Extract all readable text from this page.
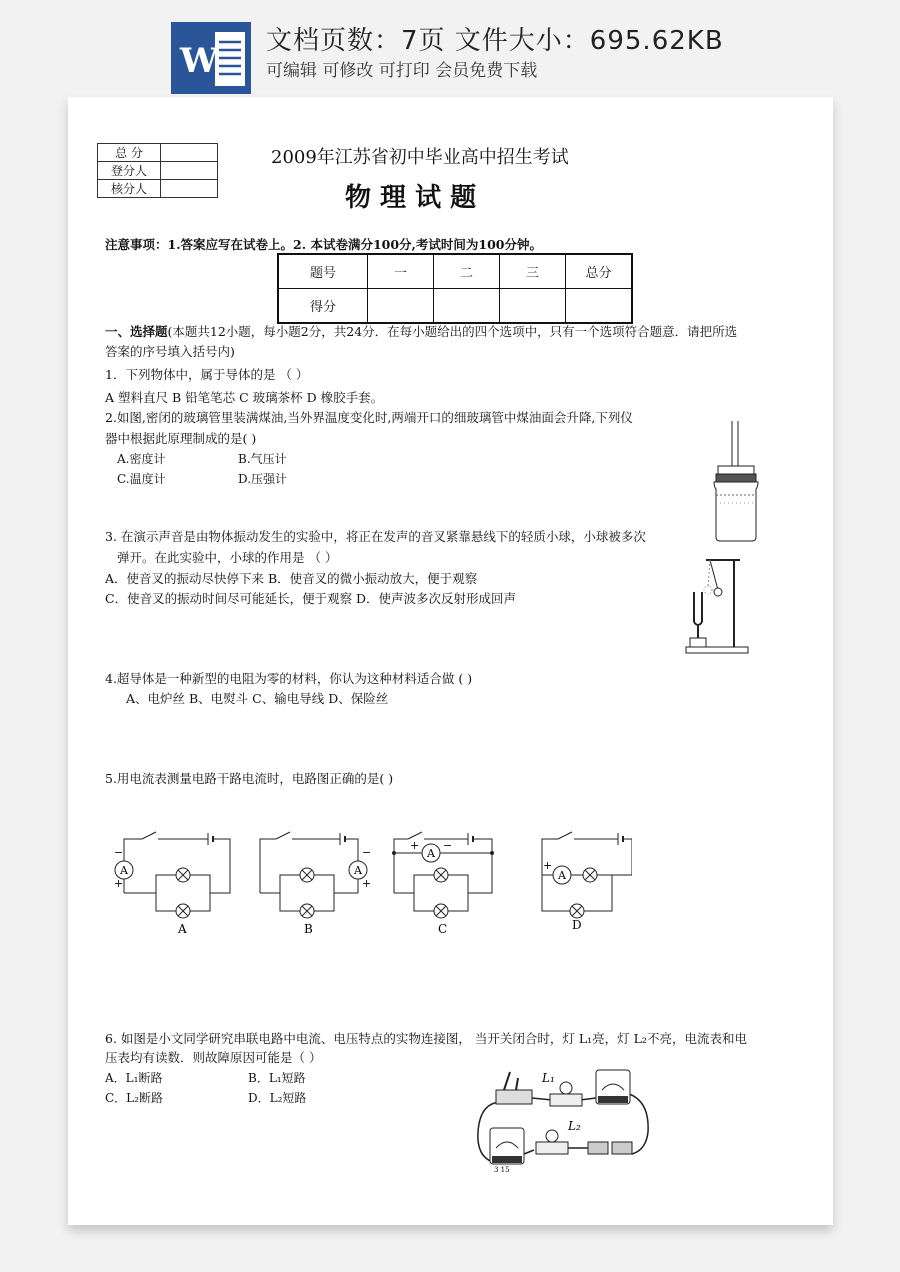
W 文档页数：7页 文件大小：695.62KB
可编辑 可修改 可打印 会员免费下载
总 分	
登分人	
核分人	
2009年江苏省初中毕业高中招生考试
物 理 试 题
注意事项：1.答案应写在试卷上。2. 本试卷满分100分,考试时间为100分钟。
题号	一	二	三	总分
得分				
一、选择题(本题共12小题，每小题2分，共24分．在每小题给出的四个选项中，只有一个选项符合题意．请把所选
答案的序号填入括号内)
1．下列物体中，属于导体的是 （ ）
A 塑料直尺 B 铅笔笔芯 C 玻璃茶杯 D 橡胶手套。
2.如图,密闭的玻璃管里装满煤油,当外界温度变化时,两端开口的细玻璃管中煤油面会升降,下列仪
器中根据此原理制成的是( )
A.密度计	B.气压计
C.温度计	D.压强计
3. 在演示声音是由物体振动发生的实验中，将正在发声的音叉紧靠悬线下的轻质小球，小球被多次
弹开。在此实验中，小球的作用是 （ ）
A．使音叉的振动尽快停下来 B．使音叉的微小振动放大，便于观察
C．使音叉的振动时间尽可能延长，便于观察 D．使声波多次反射形成回声
4.超导体是一种新型的电阻为零的材料，你认为这种材料适合做 ( )
A、电炉丝 B、电熨斗 C、输电导线 D、保险丝
5.用电流表测量电路干路电流时，电路图正确的是( )
A
−
+
A
A
−
+
B
A
+ −
C
A
+
D
6. 如图是小文同学研究串联电路中电流、电压特点的实物连接图， 当开关闭合时，灯 L₁亮，灯 L₂不亮，电流表和电
压表均有读数．则故障原因可能是（ ）
A．L₁断路	B．L₁短路
C．L₂断路	D．L₂短路
L₁
3 15
L₂
